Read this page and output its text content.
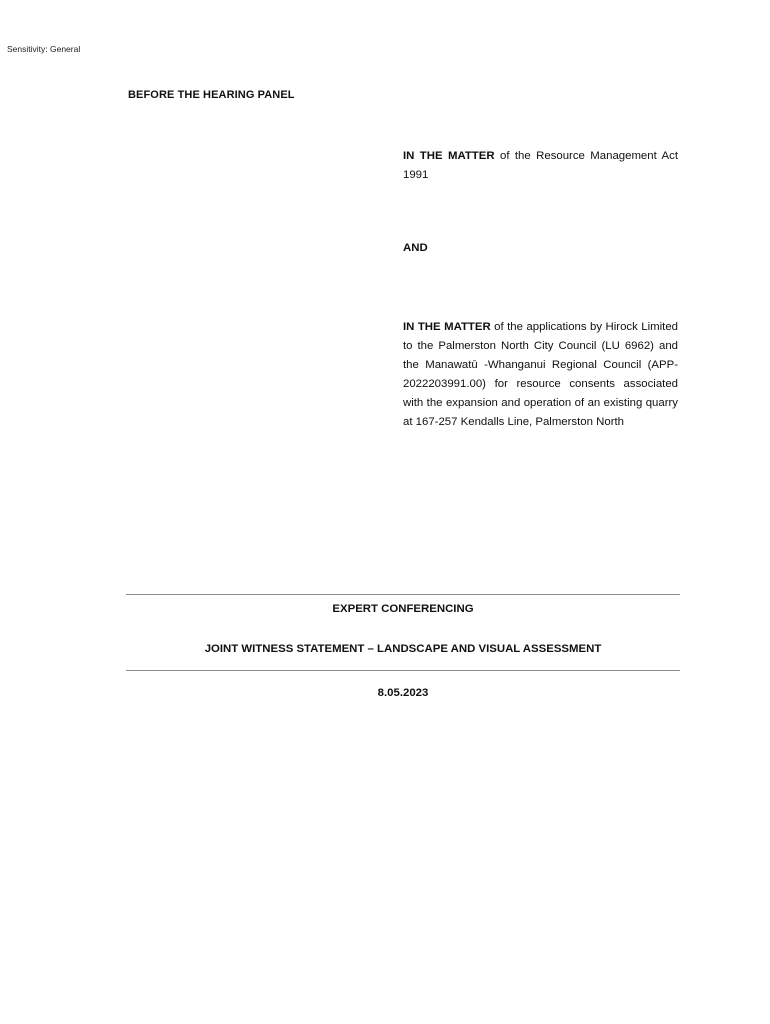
Sensitivity: General
BEFORE THE HEARING PANEL
IN THE MATTER of the Resource Management Act 1991
AND
IN THE MATTER of the applications by Hirock Limited to the Palmerston North City Council (LU 6962) and the Manawatū -Whanganui Regional Council (APP-2022203991.00) for resource consents associated with the expansion and operation of an existing quarry at 167-257 Kendalls Line, Palmerston North
EXPERT CONFERENCING
JOINT WITNESS STATEMENT – LANDSCAPE AND VISUAL ASSESSMENT
8.05.2023
